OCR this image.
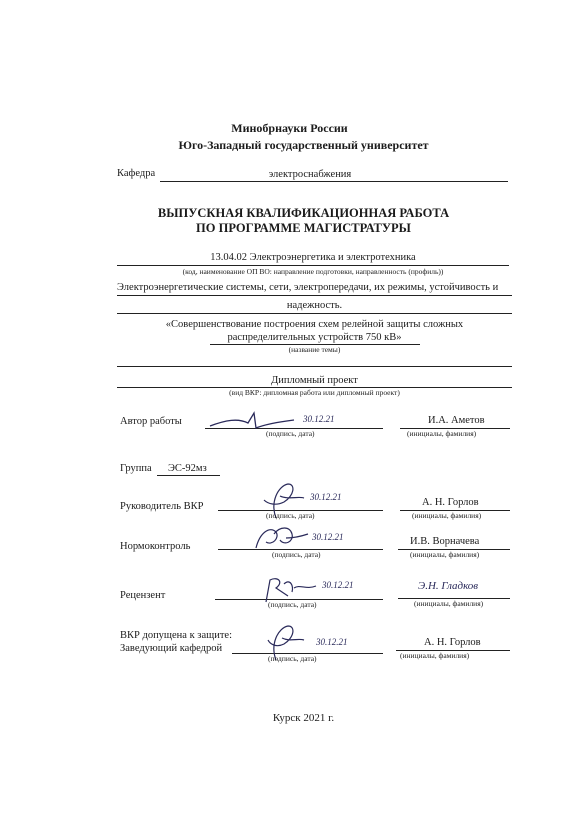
Минобрнауки России
Юго-Западный государственный университет
Кафедра	электроснабжения
ВЫПУСКНАЯ КВАЛИФИКАЦИОННАЯ РАБОТА
ПО ПРОГРАММЕ МАГИСТРАТУРЫ
13.04.02 Электроэнергетика и электротехника
(код, наименование ОП ВО: направление подготовки, направленность (профиль))
Электроэнергетические системы, сети, электропередачи, их режимы, устойчивость и
надежность.
«Совершенствование построения схем релейной защиты сложных
распределительных устройств 750 кВ»
(название темы)
Дипломный проект
(вид ВКР: дипломная работа или дипломный проект)
Автор работы	30.12.21
(подпись, дата)
И.А. Аметов
(инициалы, фамилия)
Группа ЭС-92мз
Руководитель ВКР
30.12.21
(подпись, дата)
А. Н. Горлов
(инициалы, фамилия)
Нормоконтроль
30.12.21
(подпись, дата)
И.В. Ворначева
(инициалы, фамилия)
Рецензент
30.12.21
(подпись, дата)
Э.Н. Гладков
(инициалы, фамилия)
ВКР допущена к защите:
Заведующий кафедрой
30.12.21
(подпись, дата)
А. Н. Горлов
(инициалы, фамилия)
Курск 2021 г.
